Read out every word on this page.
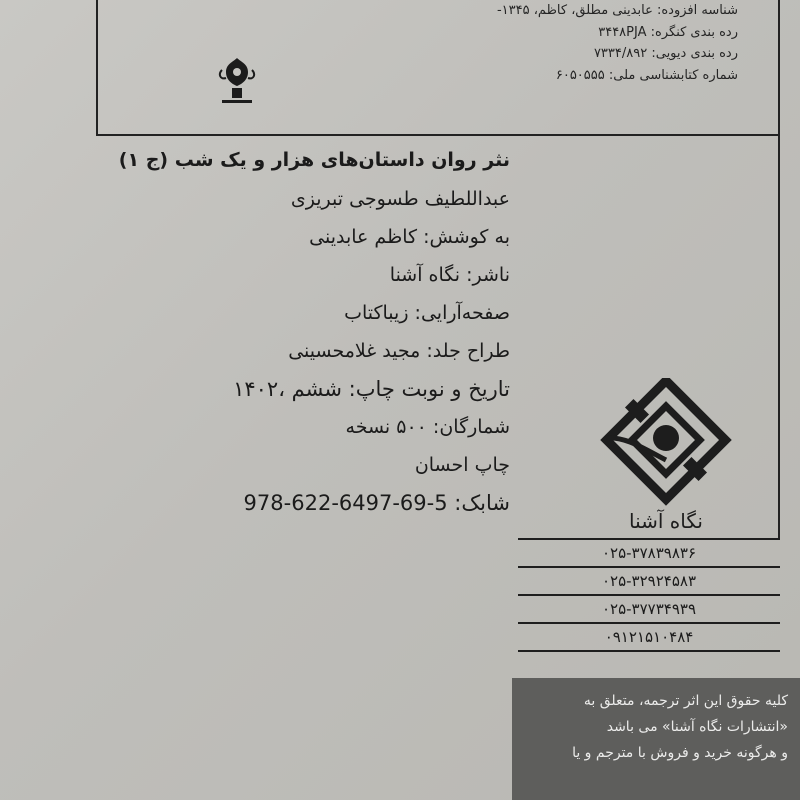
شناسه افزوده: عابدینی مطلق، کاظم، ۱۳۴۵-
رده بندی کنگره: ۳۴۴۸PJA
رده بندی دیویی: ۷۳۳۴/۸۹۲
شماره کتابشناسی ملی: ۶۰۵۰۵۵۵
نثر روان داستان‌های هزار و یک شب (ج ۱)
عبداللطیف طسوجی تبریزی
به کوشش: کاظم عابدینی
ناشر: نگاه آشنا
صفحه‌آرایی: زیباکتاب
طراح جلد: مجید غلامحسینی
تاریخ و نوبت چاپ: ششم ،۱۴۰۲
شمارگان: ۵۰۰ نسخه
چاپ احسان
شابک: 5-69-6497-622-978
نگاه آشنا
۰۲۵-۳۷۸۳۹۸۳۶
۰۲۵-۳۲۹۲۴۵۸۳
۰۲۵-۳۷۷۳۴۹۳۹
۰۹۱۲۱۵۱۰۴۸۴
کلیه حقوق این اثر ترجمه، متعلق به
«انتشارات نگاه آشنا» می باشد
و هرگونه خرید و فروش با مترجم و یا
